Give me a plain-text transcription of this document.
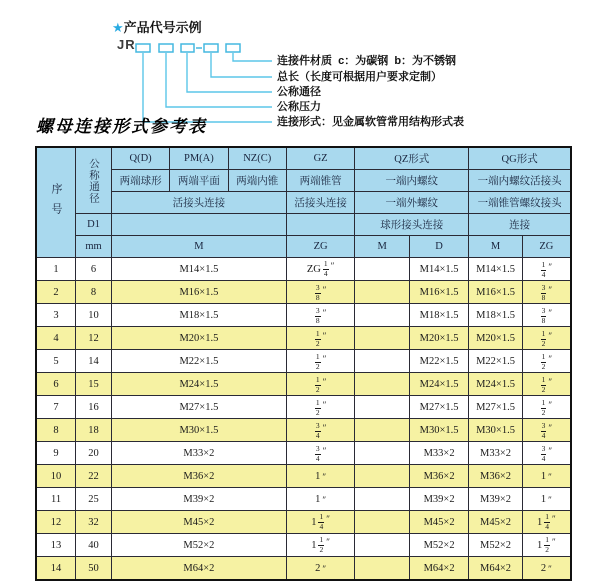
★产品代号示例
JR
连接件材质  c：为碳钢  b：为不锈钢
总长（长度可根据用户要求定制）
公称通径
公称压力
连接形式：见金属软管常用结构形式表
螺母连接形式参考表
序号	公称通径	Q(D)	PM(A)	NZ(C)	GZ	QZ形式		QG形式	
		两端球形	两端平面	两端内锥	两端锥管	一端内螺纹		一端内螺纹活接头	
		活接头连接			活接头连接	一端外螺纹		一端锥管螺纹接头	
	D1					球形接头连接		连接	
	mm	M			ZG	M	D	M	ZG
1	6	M14×1.5			ZG $\frac{1}{4}$ ″		M14×1.5	M14×1.5	$\frac{1}{4}$ ″

2	8	M16×1.5			$\frac{3}{8}$ ″		M16×1.5	M16×1.5	$\frac{3}{8}$ ″

3	10	M18×1.5			$\frac{3}{8}$ ″		M18×1.5	M18×1.5	$\frac{3}{8}$ ″

4	12	M20×1.5			$\frac{1}{2}$ ″		M20×1.5	M20×1.5	$\frac{1}{2}$ ″

5	14	M22×1.5			$\frac{1}{2}$ ″		M22×1.5	M22×1.5	$\frac{1}{2}$ ″

6	15	M24×1.5			$\frac{1}{2}$ ″		M24×1.5	M24×1.5	$\frac{1}{2}$ ″

7	16	M27×1.5			$\frac{1}{2}$ ″		M27×1.5	M27×1.5	$\frac{1}{2}$ ″

8	18	M30×1.5			$\frac{3}{4}$ ″		M30×1.5	M30×1.5	$\frac{3}{4}$ ″

9	20	M33×2			$\frac{3}{4}$ ″		M33×2	M33×2	$\frac{3}{4}$ ″

10	22	M36×2			1 ″		M36×2	M36×2	1 ″

11	25	M39×2			1 ″		M39×2	M39×2	1 ″

12	32	M45×2			$1 \frac{1}{4}$ ″		M45×2	M45×2	$1 \frac{1}{4}$ ″

13	40	M52×2			$1 \frac{1}{2}$ ″		M52×2	M52×2	$1 \frac{1}{2}$ ″

14	50	M64×2			2 ″		M64×2	M64×2	2 ″
